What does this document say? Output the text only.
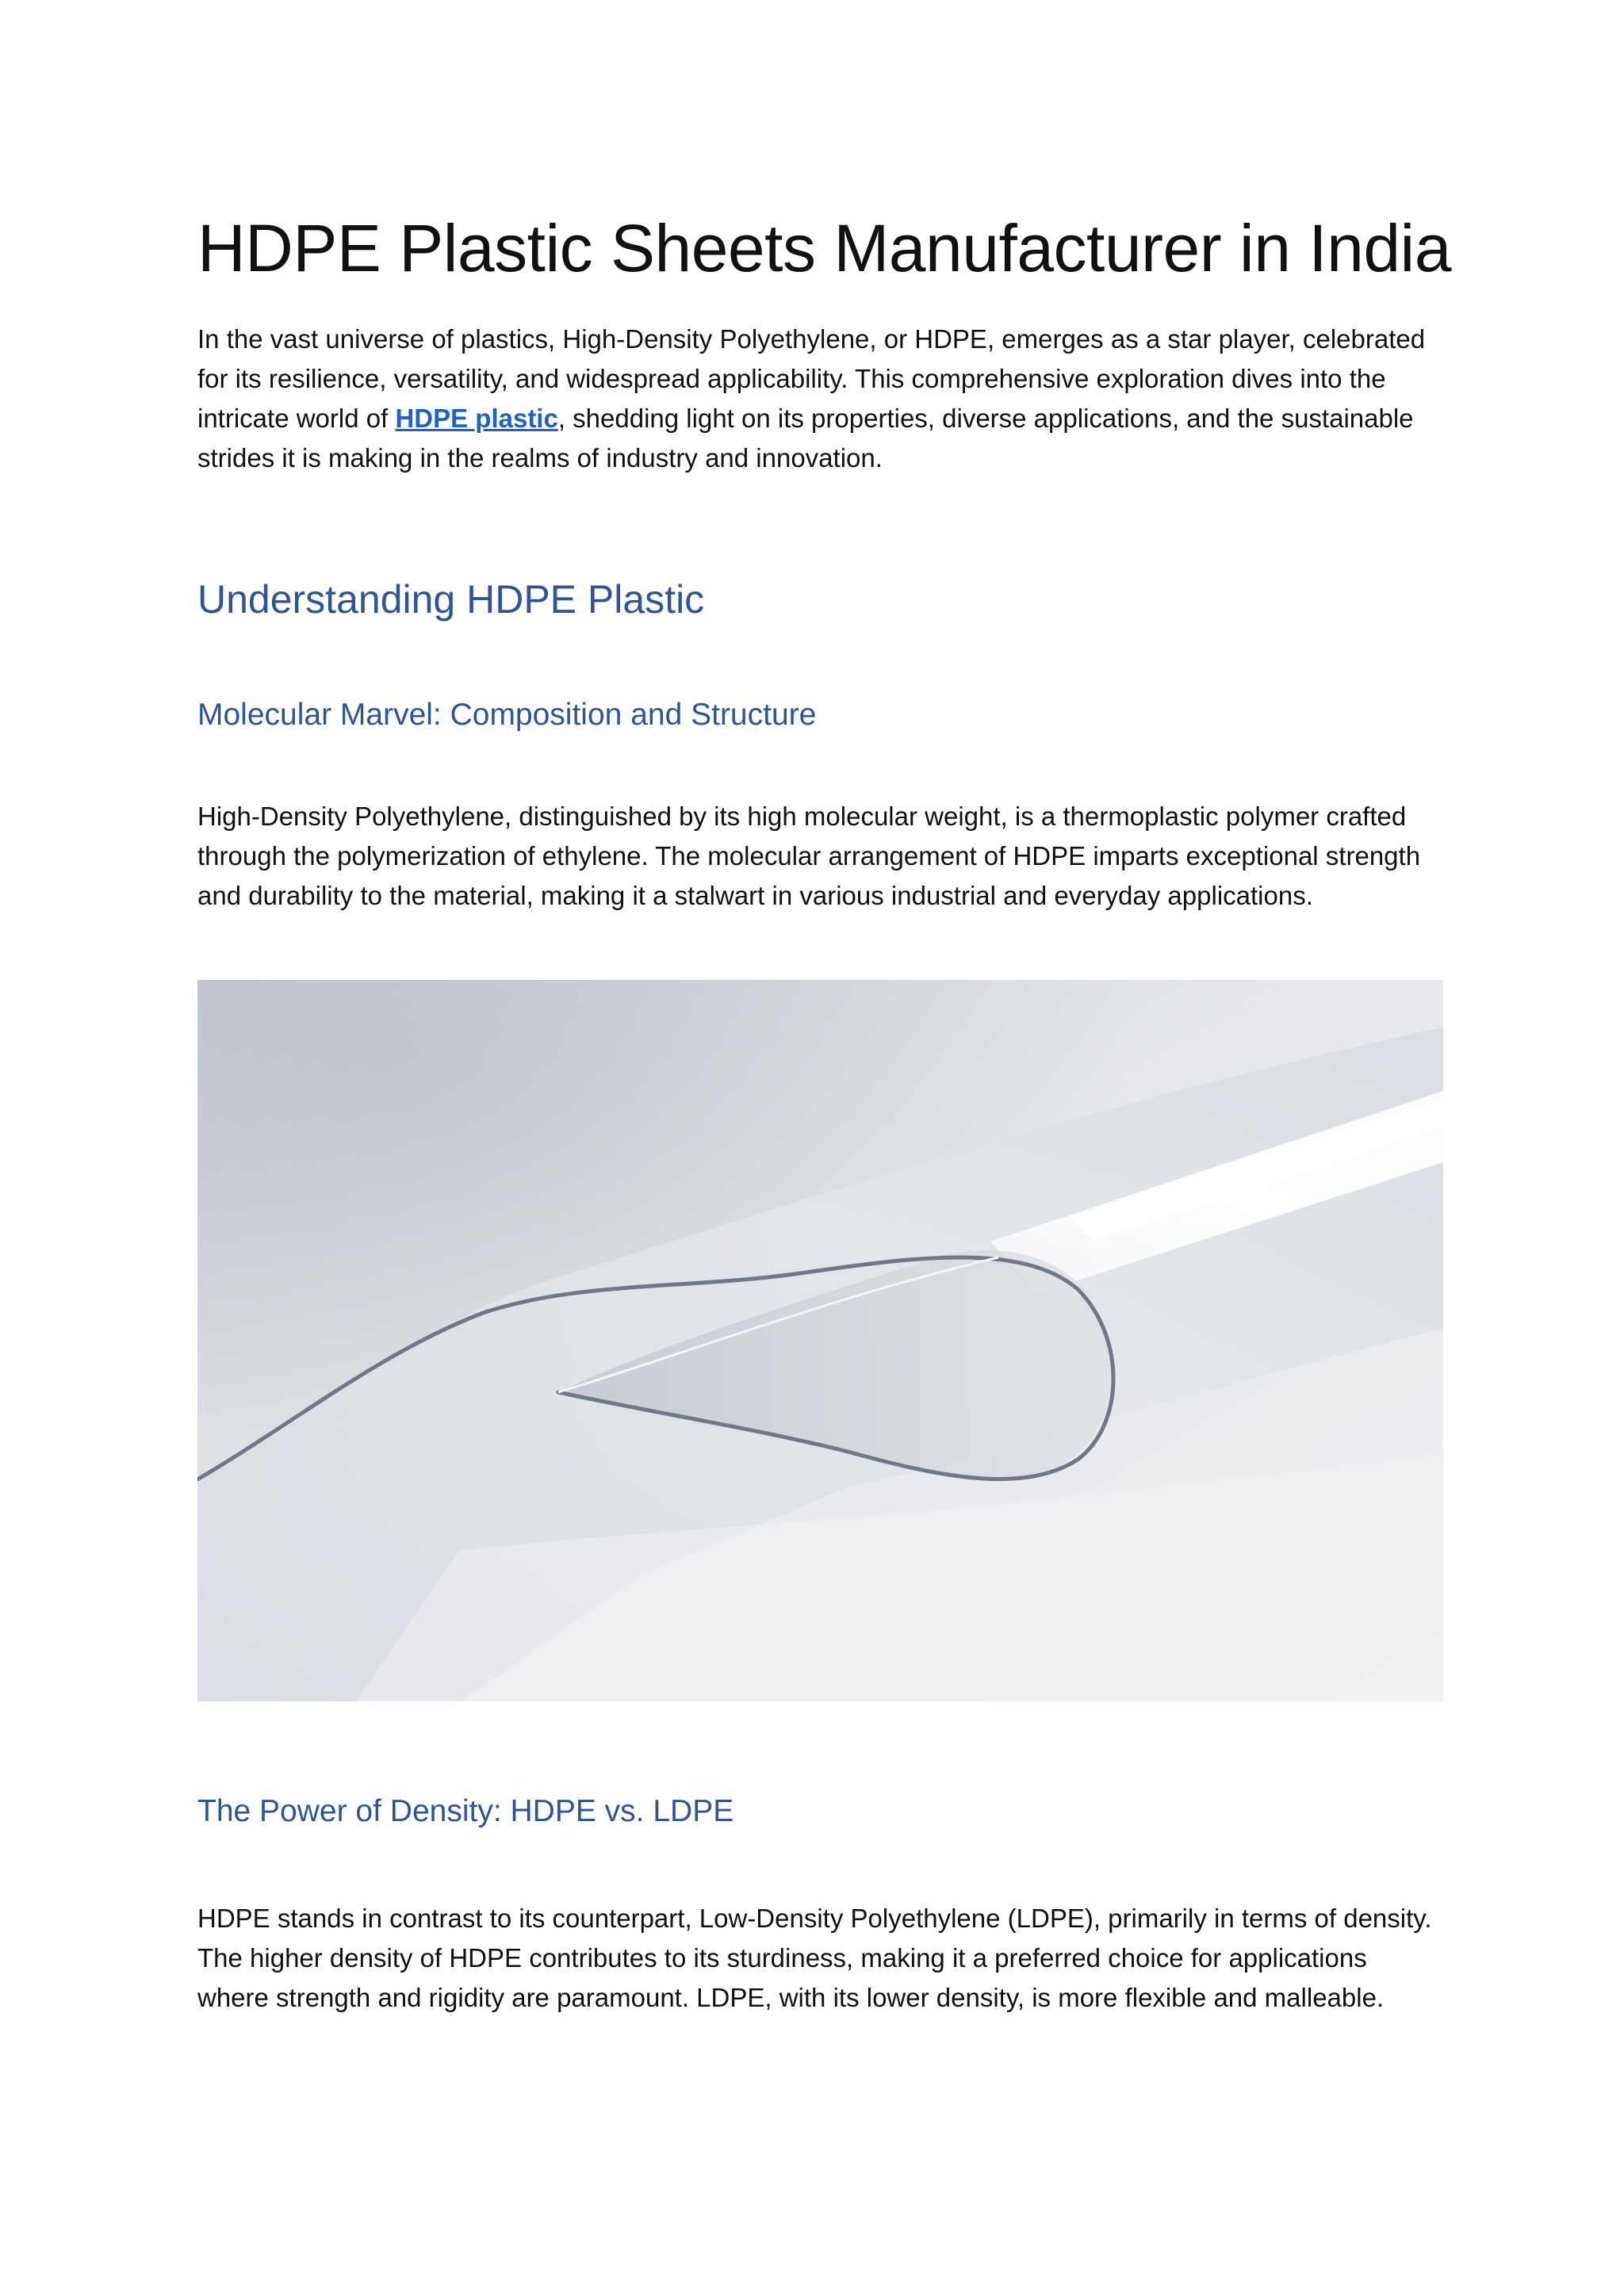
HDPE Plastic Sheets Manufacturer in India

In the vast universe of plastics, High-Density Polyethylene, or HDPE, emerges as a star player, celebrated for its resilience, versatility, and widespread applicability. This comprehensive exploration dives into the intricate world of HDPE plastic, shedding light on its properties, diverse applications, and the sustainable strides it is making in the realms of industry and innovation.

Understanding HDPE Plastic
Molecular Marvel: Composition and Structure

High-Density Polyethylene, distinguished by its high molecular weight, is a thermoplastic polymer crafted through the polymerization of ethylene. The molecular arrangement of HDPE imparts exceptional strength and durability to the material, making it a stalwart in various industrial and everyday applications.

The Power of Density: HDPE vs. LDPE

HDPE stands in contrast to its counterpart, Low-Density Polyethylene (LDPE), primarily in terms of density. The higher density of HDPE contributes to its sturdiness, making it a preferred choice for applications where strength and rigidity are paramount. LDPE, with its lower density, is more flexible and malleable.
